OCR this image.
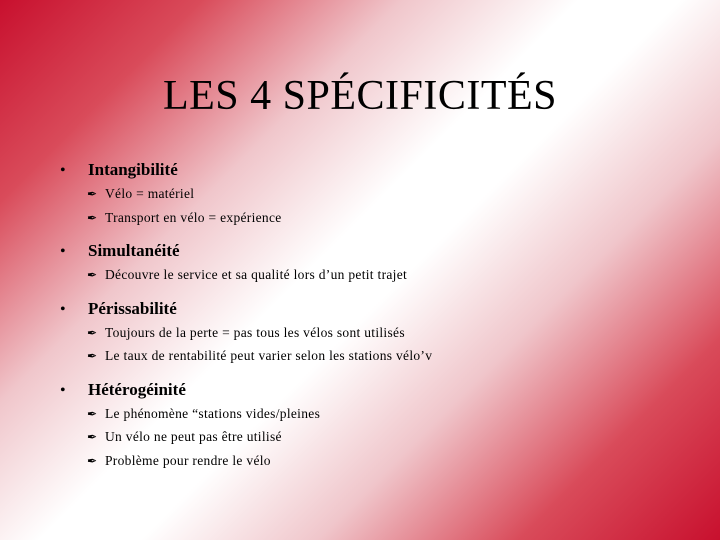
LES 4 SPÉCIFICITÉS
•	Intangibilité
✒ Vélo = matériel
✒ Transport en vélo = expérience
•	Simultanéité
✒ Découvre le service et sa qualité lors d’un petit trajet
•	Périssabilité
✒ Toujours de la perte = pas tous les vélos sont utilisés
✒ Le taux de rentabilité peut varier selon les stations vélo’v
•	Hétérogéinité
✒ Le phénomène “stations vides/pleines
✒ Un vélo ne peut pas être utilisé
✒ Problème pour rendre le vélo
